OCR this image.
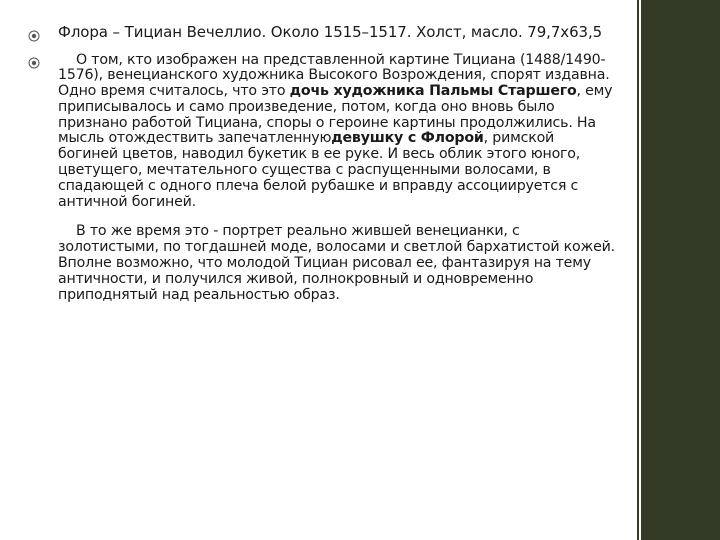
Флора – Тициан Вечеллио. Около 1515–1517. Холст, масло. 79,7х63,5

О том, кто изображен на представленной картине Тициана (1488/1490-1576), венецианского художника Высокого Возрождения, спорят издавна. Одно время считалось, что это дочь художника Пальмы Старшего, ему приписывалось и само произведение, потом, когда оно вновь было признано работой Тициана, споры о героине картины продолжились. На мысль отождествить запечатленнуюдевушку с Флорой, римской богиней цветов, наводил букетик в ее руке. И весь облик этого юного, цветущего, мечтательного существа с распущенными волосами, в спадающей с одного плеча белой рубашке и вправду ассоциируется с античной богиней.

В то же время это - портрет реально жившей венецианки, с золотистыми, по тогдашней моде, волосами и светлой бархатистой кожей. Вполне возможно, что молодой Тициан рисовал ее, фантазируя на тему античности, и получился живой, полнокровный и одновременно приподнятый над реальностью образ.
